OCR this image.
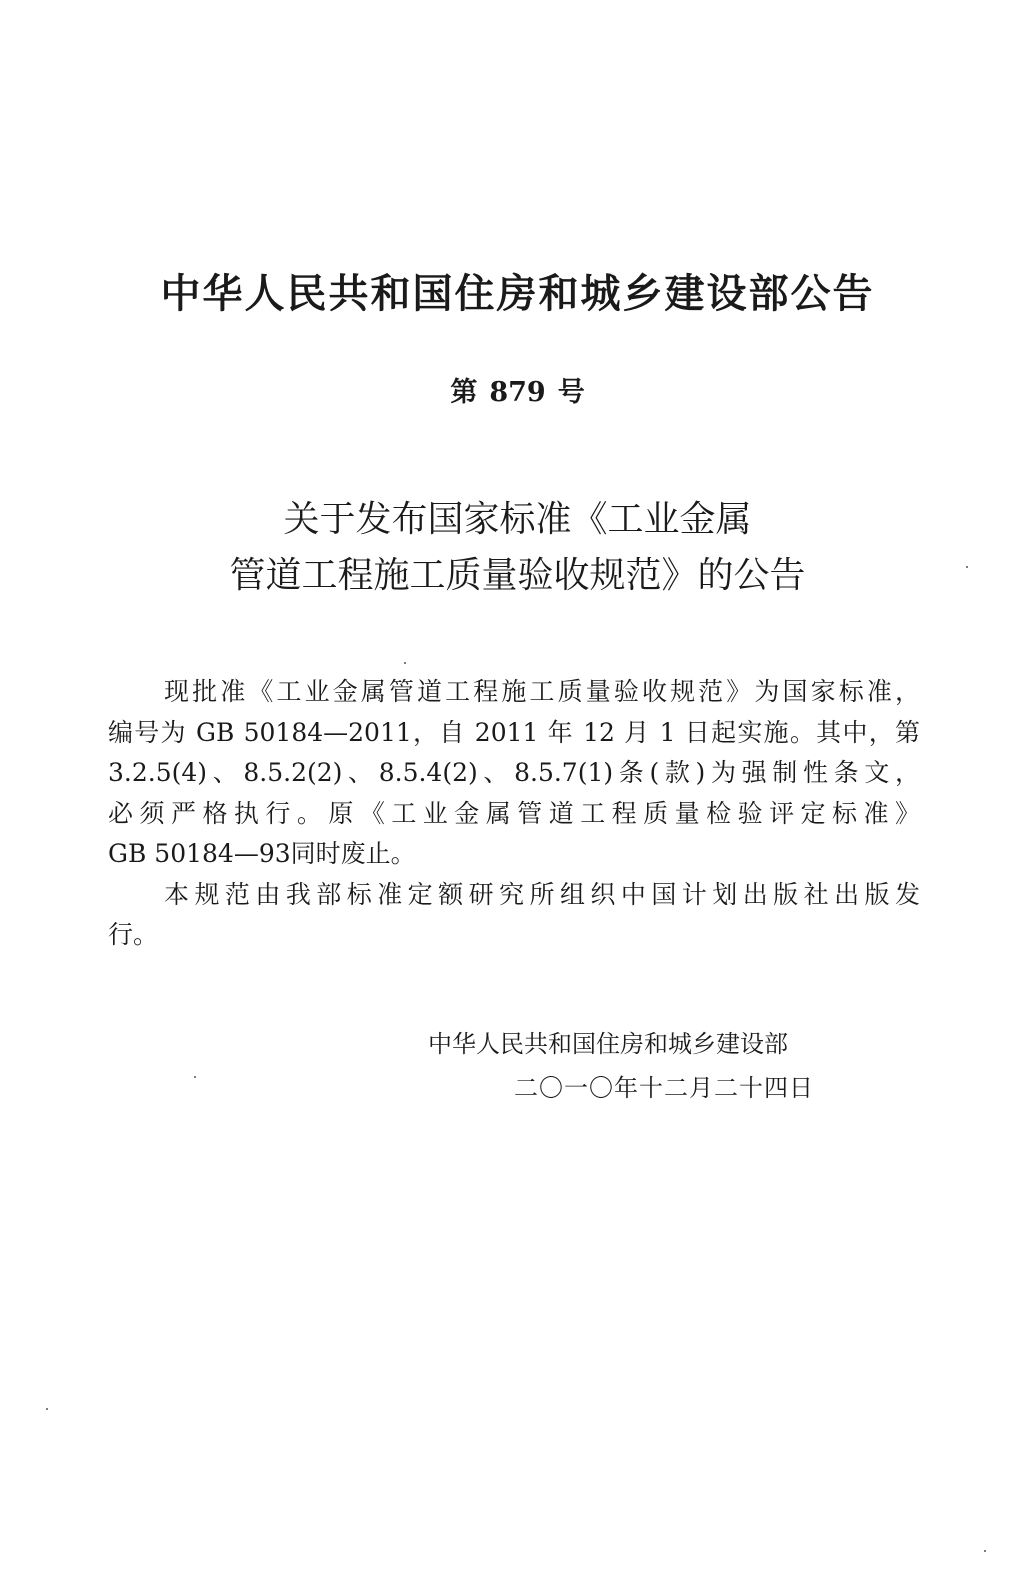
中华人民共和国住房和城乡建设部公告
第 879 号
关于发布国家标准《工业金属
管道工程施工质量验收规范》的公告
现批准《工业金属管道工程施工质量验收规范》为国家标准，
编号为 GB 50184—2011，自 2011 年 12 月 1 日起实施。其中，第
3.2.5(4)、8.5.2(2)、8.5.4(2)、8.5.7(1)条(款)为强制性条文，
必须严格执行。原《工业金属管道工程质量检验评定标准》
GB 50184—93同时废止。
本规范由我部标准定额研究所组织中国计划出版社出版发
行。
中华人民共和国住房和城乡建设部
二〇一〇年十二月二十四日
